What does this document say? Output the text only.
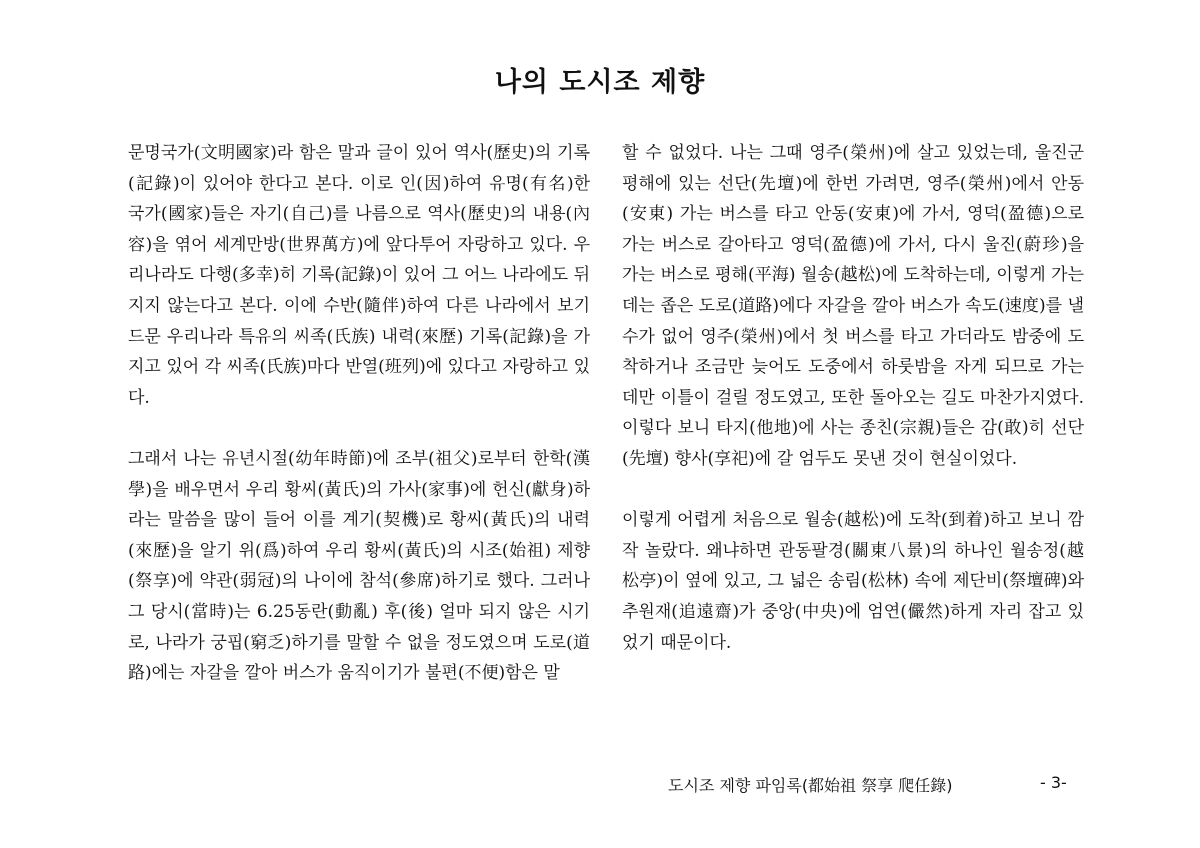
나의 도시조 제향

문명국가(文明國家)라 함은 말과 글이 있어 역사(歷史)의 기록(記錄)이 있어야 한다고 본다. 이로 인(因)하여 유명(有名)한 국가(國家)들은 자기(自己)를 나름으로 역사(歷史)의 내용(內容)을 엮어 세계만방(世界萬方)에 앞다투어 자랑하고 있다. 우리나라도 다행(多幸)히 기록(記錄)이 있어 그 어느 나라에도 뒤지지 않는다고 본다. 이에 수반(隨伴)하여 다른 나라에서 보기 드문 우리나라 특유의 씨족(氏族) 내력(來歷) 기록(記錄)을 가지고 있어 각 씨족(氏族)마다 반열(班列)에 있다고 자랑하고 있다.

그래서 나는 유년시절(幼年時節)에 조부(祖父)로부터 한학(漢學)을 배우면서 우리 황씨(黃氏)의 가사(家事)에 헌신(獻身)하라는 말씀을 많이 들어 이를 계기(契機)로 황씨(黃氏)의 내력(來歷)을 알기 위(爲)하여 우리 황씨(黃氏)의 시조(始祖) 제향(祭享)에 약관(弱冠)의 나이에 참석(參席)하기로 했다. 그러나 그 당시(當時)는 6.25동란(動亂) 후(後) 얼마 되지 않은 시기로, 나라가 궁핍(窮乏)하기를 말할 수 없을 정도였으며 도로(道路)에는 자갈을 깔아 버스가 움직이기가 불편(不便)함은 말

할 수 없었다. 나는 그때 영주(榮州)에 살고 있었는데, 울진군 평해에 있는 선단(先壇)에 한번 가려면, 영주(榮州)에서 안동(安東) 가는 버스를 타고 안동(安東)에 가서, 영덕(盈德)으로 가는 버스로 갈아타고 영덕(盈德)에 가서, 다시 울진(蔚珍)을 가는 버스로 평해(平海) 월송(越松)에 도착하는데, 이렇게 가는 데는 좁은 도로(道路)에다 자갈을 깔아 버스가 속도(速度)를 낼 수가 없어 영주(榮州)에서 첫 버스를 타고 가더라도 밤중에 도착하거나 조금만 늦어도 도중에서 하룻밤을 자게 되므로 가는 데만 이틀이 걸릴 정도였고, 또한 돌아오는 길도 마찬가지였다. 이렇다 보니 타지(他地)에 사는 종친(宗親)들은 감(敢)히 선단(先壇) 향사(享祀)에 갈 엄두도 못낸 것이 현실이었다.

이렇게 어렵게 처음으로 월송(越松)에 도착(到着)하고 보니 깜작 놀랐다. 왜냐하면 관동팔경(關東八景)의 하나인 월송정(越松亭)이 옆에 있고, 그 넓은 송림(松林) 속에 제단비(祭壇碑)와 추원재(追遠齋)가 중앙(中央)에 엄연(儼然)하게 자리 잡고 있었기 때문이다.

도시조 제향 파임록(都始祖 祭享 爬任錄)	- 3-
